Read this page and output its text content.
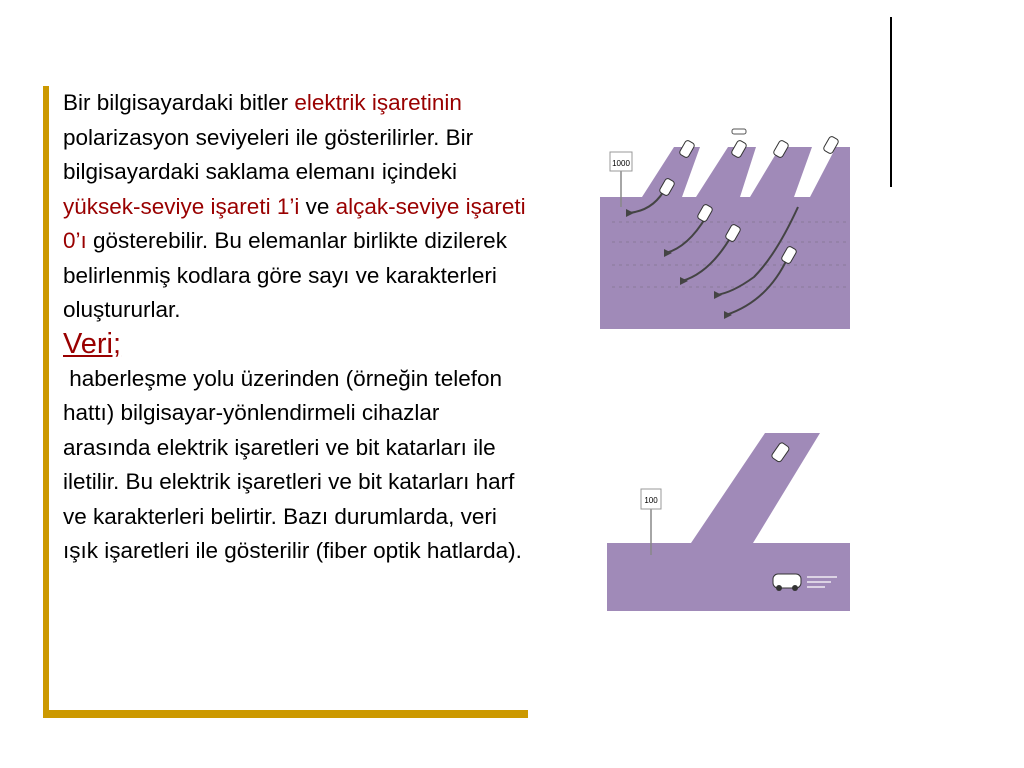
Bir bilgisayardaki bitler elektrik işaretinin polarizasyon seviyeleri ile gösterilirler. Bir bilgisayardaki saklama elemanı içindeki yüksek-seviye işareti 1’i ve alçak-seviye işareti 0’ı gösterebilir. Bu elemanlar birlikte dizilerek belirlenmiş kodlara göre sayı ve karakterleri oluştururlar.

Veri;

haberleşme yolu üzerinden (örneğin telefon hattı) bilgisayar-yönlendirmeli cihazlar arasında elektrik işaretleri ve bit katarları ile iletilir. Bu elektrik işaretleri ve bit katarları harf ve karakterleri belirtir. Bazı durumlarda, veri ışık işaretleri ile gösterilir (fiber optik hatlarda).

1000
100
